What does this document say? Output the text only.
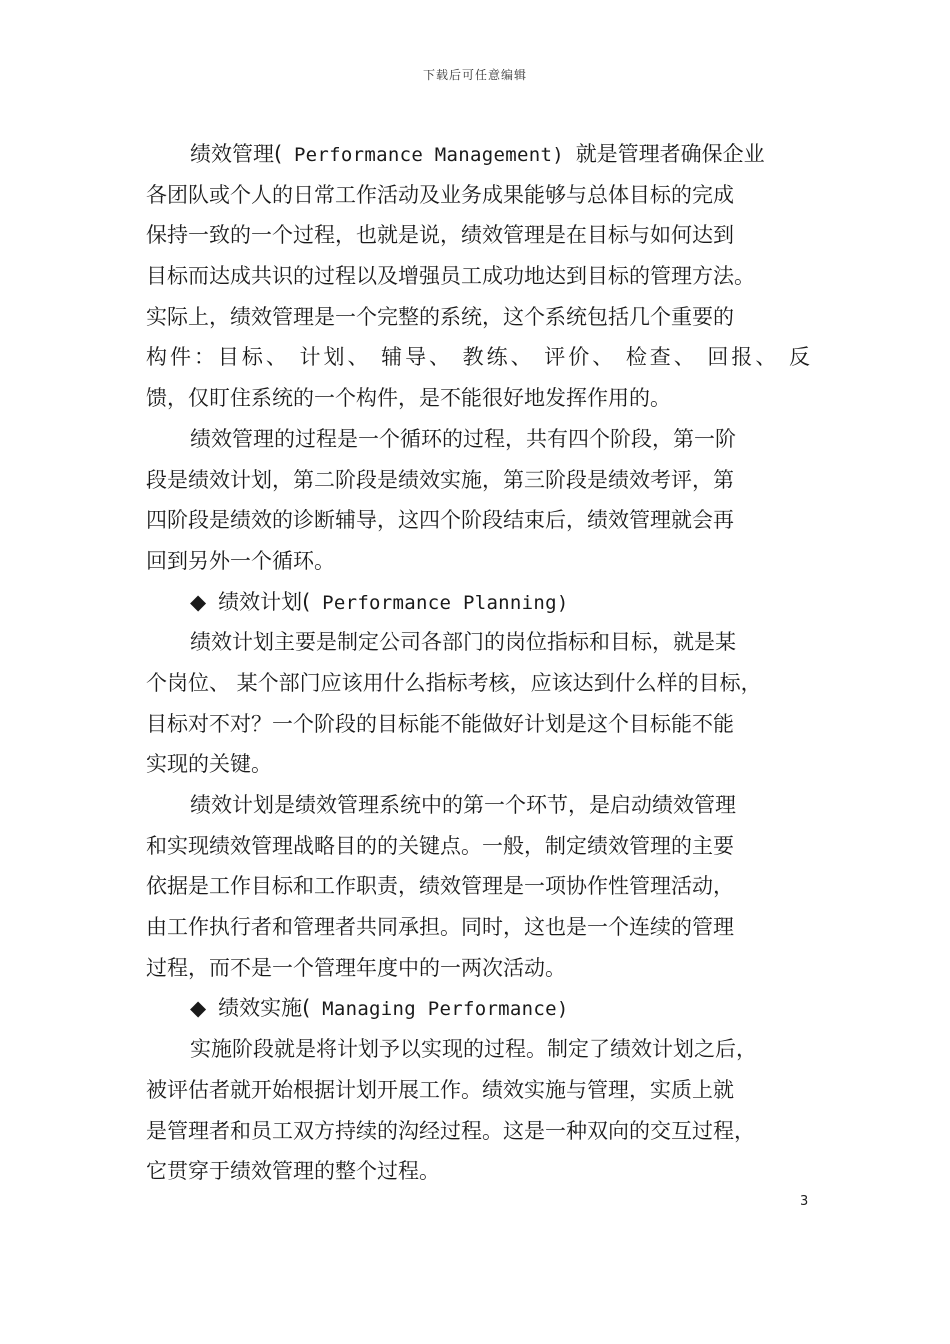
下载后可任意编辑
绩效管理( Performance Management) 就是管理者确保企业
各团队或个人的日常工作活动及业务成果能够与总体目标的完成
保持一致的一个过程，也就是说，绩效管理是在目标与如何达到
目标而达成共识的过程以及增强员工成功地达到目标的管理方法。
实际上，绩效管理是一个完整的系统，这个系统包括几个重要的
构件：目标、 计划、 辅导、 教练、 评价、 检查、 回报、 反
馈，仅盯住系统的一个构件，是不能很好地发挥作用的。
绩效管理的过程是一个循环的过程，共有四个阶段，第一阶
段是绩效计划，第二阶段是绩效实施，第三阶段是绩效考评，第
四阶段是绩效的诊断辅导，这四个阶段结束后，绩效管理就会再
回到另外一个循环。
◆ 绩效计划( Performance Planning)
绩效计划主要是制定公司各部门的岗位指标和目标，就是某
个岗位、 某个部门应该用什么指标考核，应该达到什么样的目标，
目标对不对？一个阶段的目标能不能做好计划是这个目标能不能
实现的关键。
绩效计划是绩效管理系统中的第一个环节，是启动绩效管理
和实现绩效管理战略目的的关键点。一般，制定绩效管理的主要
依据是工作目标和工作职责，绩效管理是一项协作性管理活动，
由工作执行者和管理者共同承担。同时，这也是一个连续的管理
过程，而不是一个管理年度中的一两次活动。
◆ 绩效实施( Managing Performance)
实施阶段就是将计划予以实现的过程。制定了绩效计划之后，
被评估者就开始根据计划开展工作。绩效实施与管理，实质上就
是管理者和员工双方持续的沟经过程。这是一种双向的交互过程，
它贯穿于绩效管理的整个过程。
3
